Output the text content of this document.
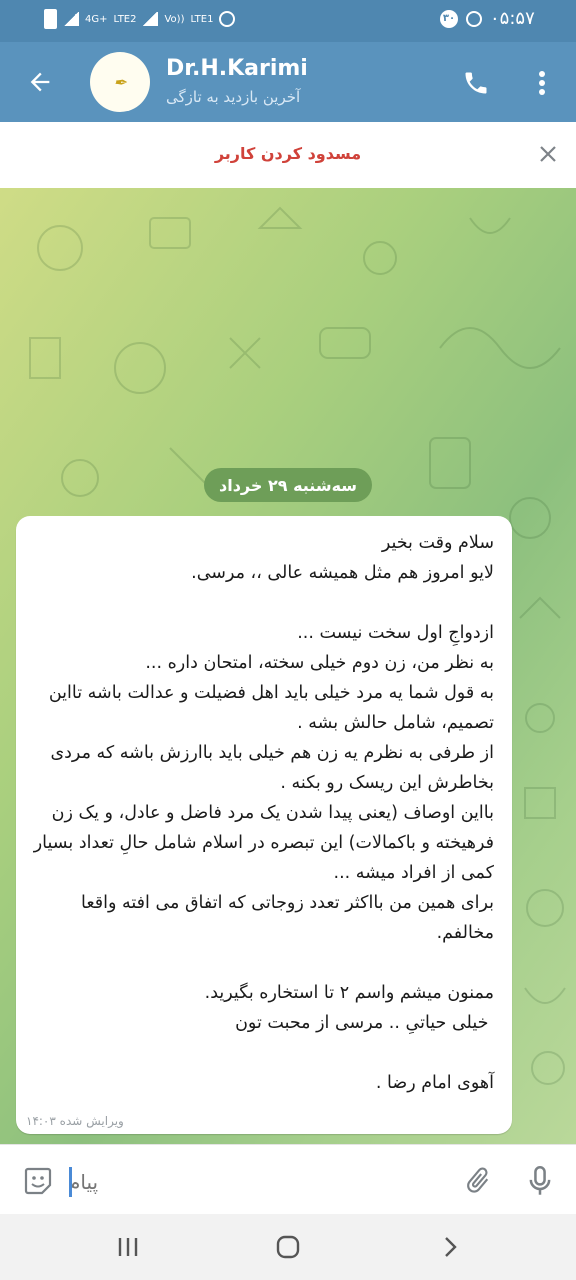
4G+ LTE2	Vo)) LTE1	۳۰ ۰۵:۵۷
✒
Dr.H.Karimi
آخرین بازدید به تازگی
مسدود کردن کاربر
سه‌شنبه ۲۹ خرداد
سلام وقت بخیر
لایو امروز هم مثل همیشه عالی ،، مرسی.

ازدواجِ اول سخت نیست ...
به نظر من، زن دوم خیلی سخته، امتحان داره ...
به قول شما یه مرد خیلی باید اهل فضیلت و عدالت باشه تااین تصمیم، شامل حالش بشه .
از طرفی به نظرم یه زن هم خیلی باید باارزش باشه که مردی بخاطرش این ریسک رو بکنه .
بااین اوصاف (یعنی پیدا شدن یک مرد فاضل و عادل، و یک زن فرهیخته و باکمالات) این تبصره در اسلام شامل حالِ تعداد بسیار کمی از افراد میشه ...
برای همین من بااکثر تعدد زوجاتی که اتفاق می افته واقعا مخالفم.

ممنون میشم واسم ۲ تا استخاره بگیرید.
خیلی حیاتیِ .. مرسی از محبت تون

آهوی امام رضا .
ویرایش شده ۱۴:۰۳
پیام
